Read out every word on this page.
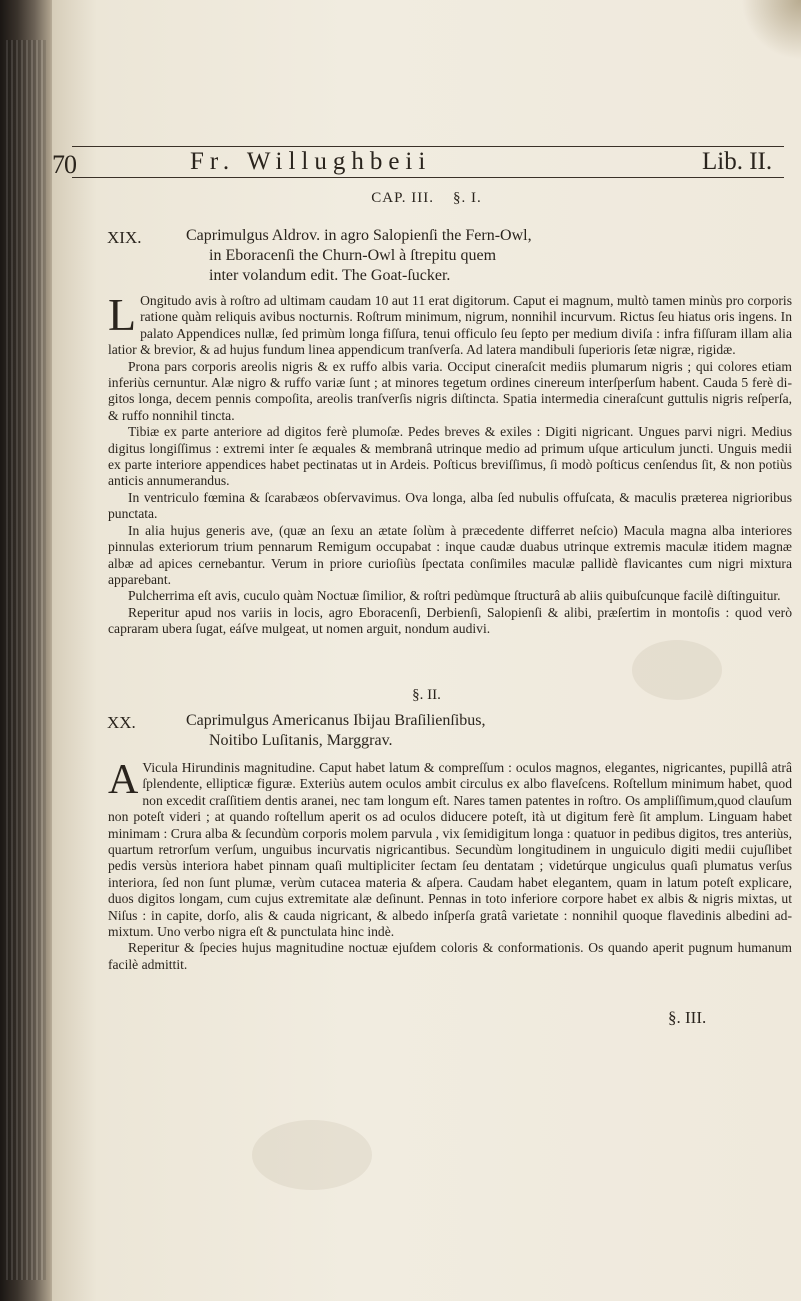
70	Fr. Willughbeii	Lib. II.
CAP. III. §. I.
XIX.	Caprimulgus Aldrov. in agro Salopienſi the Fern-Owl,
in Eboracenſi the Churn-Owl à ſtrepitu quem
inter volandum edit. The Goat-ſucker.

L Ongitudo avis à roſtro ad ultimam caudam 10 aut 11 erat digitorum. Caput ei magnum, multò tamen minùs pro corporis ratione quàm reliquis avibus nocturnis. Roſtrum minimum, nigrum, nonnihil incurvum. Rictus ſeu hiatus oris ingens. In palato Appendices nullæ, ſed primùm longa fiſſura, tenui officulo ſeu ſepto per medium diviſa : infra fiſſuram illam alia latior & brevior, & ad hujus fundum linea appendicum tranſverſa. Ad latera mandibuli ſuperioris ſetæ nigræ, rigidæ.

Prona pars corporis areolis nigris & ex ruffo albis varia. Occiput cineraſcit mediis plumarum nigris ; qui colores etiam inferiùs cernuntur. Alæ nigro & ruffo variæ ſunt ; at minores tegetum ordines cinereum interſperſum habent. Cauda 5 ferè digitos longa, decem pennis compoſita, areolis tranſverſis nigris diſtincta. Spatia intermedia cineraſcunt guttulis nigris reſperſa, & ruffo nonnihil tincta.

Tibiæ ex parte anteriore ad digitos ferè plumoſæ. Pedes breves & exiles : Digiti nigricant. Ungues parvi nigri. Medius digitus longiſſimus : extremi inter ſe æquales & membranâ utrinque medio ad primum uſque articulum juncti. Unguis medii ex parte interiore appendices habet pectinatas ut in Ardeis. Poſticus breviſſimus, ſi modò poſticus cenſendus ſit, & non potiùs anticis annumerandus.

In ventriculo fœmina & ſcarabæos obſervavimus. Ova longa, alba ſed nubulis offuſcata, & maculis præterea nigrioribus punctata.

In alia hujus generis ave, (quæ an ſexu an ætate ſolùm à præcedente differret neſcio) Macula magna alba interiores pinnulas exteriorum trium pennarum Remigum occupabat : inque caudæ duabus utrinque extremis maculæ itidem magnæ albæ ad apices cernebantur. Verum in priore curioſiùs ſpectata conſimiles maculæ pallidè flavicantes cum nigri mixtura apparebant.

Pulcherrima eſt avis, cuculo quàm Noctuæ ſimilior, & roſtri pedùmque ſtructurâ ab aliis quibuſcunque facilè diſtinguitur.

Reperitur apud nos variis in locis, agro Eboracenſi, Derbienſi, Salopienſi & alibi, præſertim in montoſis : quod verò capraram ubera ſugat, eáſve mulgeat, ut nomen arguit, nondum audivi.

§. II.
XX.	Caprimulgus Americanus Ibijau Braſilienſibus,
Noitibo Luſitanis, Marggrav.

A Vicula Hirundinis magnitudine. Caput habet latum & compreſſum : oculos magnos, elegantes, nigricantes, pupillâ atrâ ſplendente, ellipticæ figuræ. Exteriùs autem oculos ambit circulus ex albo flaveſcens. Roſtellum minimum habet, quod non excedit craſſitiem dentis aranei, nec tam longum eſt. Nares tamen patentes in roſtro. Os ampliſſimum,quod clauſum non poteſt videri ; at quando roſtellum aperit os ad oculos diducere poteſt, ità ut digitum ferè ſit amplum. Linguam habet minimam : Crura alba & ſecundùm corporis molem parvula , vix ſemidigitum longa : quatuor in pedibus digitos, tres anteriùs, quartum retrorſum verſum, unguibus incurvatis nigricantibus. Secundùm longitudinem in unguiculo digiti medii cujuſlibet pedis versùs interiora habet pinnam quaſi multipliciter ſectam ſeu dentatam ; videtúrque ungiculus quaſi plumatus verſus interiora, ſed non ſunt plumæ, verùm cutacea materia & aſpera. Caudam habet elegantem, quam in latum poteſt explicare, duos digitos longam, cum cujus extremitate alæ deſinunt. Pennas in toto inferiore corpore habet ex albis & nigris mixtas, ut Niſus : in capite, dorſo, alis & cauda nigricant, & albedo inſperſa gratâ varietate : nonnihil quoque flavedinis albedini admixtum. Uno verbo nigra eſt & punctulata hinc indè.

Reperitur & ſpecies hujus magnitudine noctuæ ejuſdem coloris & conformationis. Os quando aperit pugnum humanum facilè admittit.

§. III.
